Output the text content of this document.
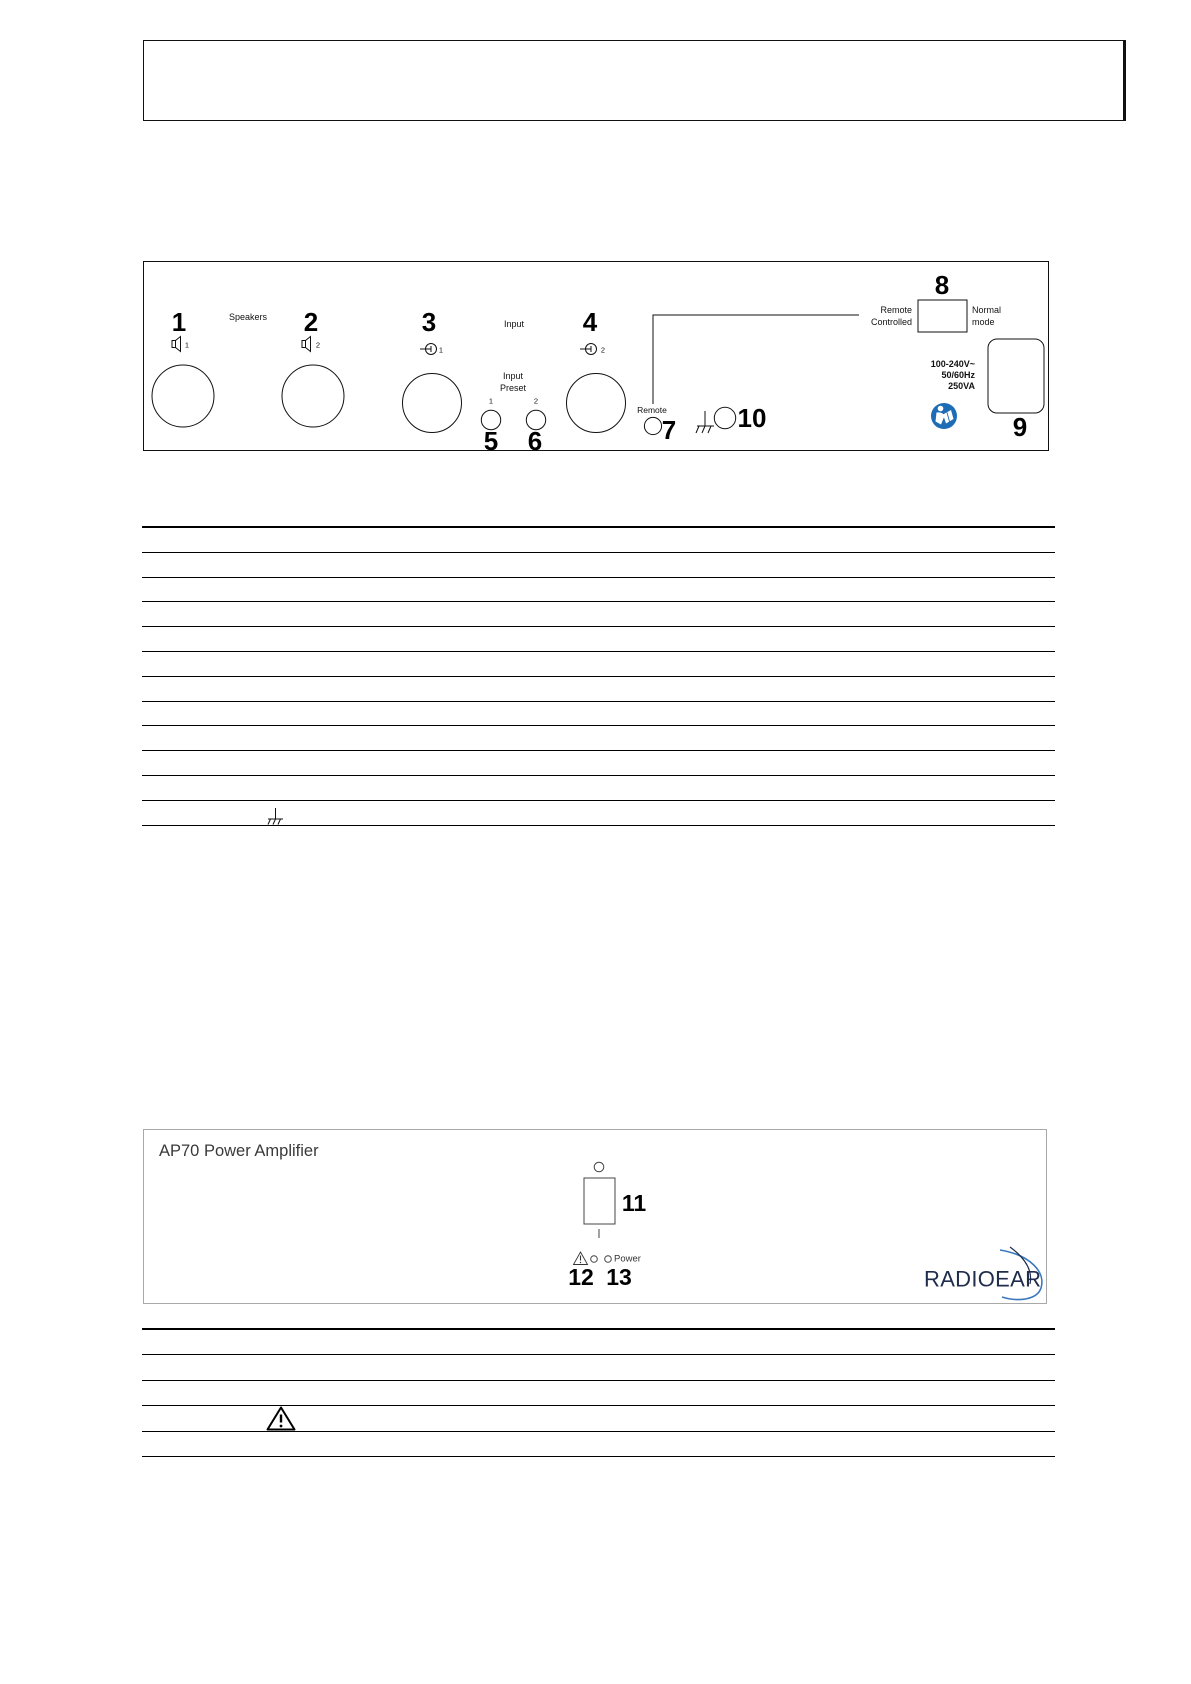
1	Speakers 2
1	2
3
1
Input 4
2
Input
Preset
1	2
5 6
Remote
7 10
8
Remote
Controlled
Normal
mode
100-240V~
50/60Hz
250VA
9
AP70 Power Amplifier
11
Power
12 13	RADIOEAR
